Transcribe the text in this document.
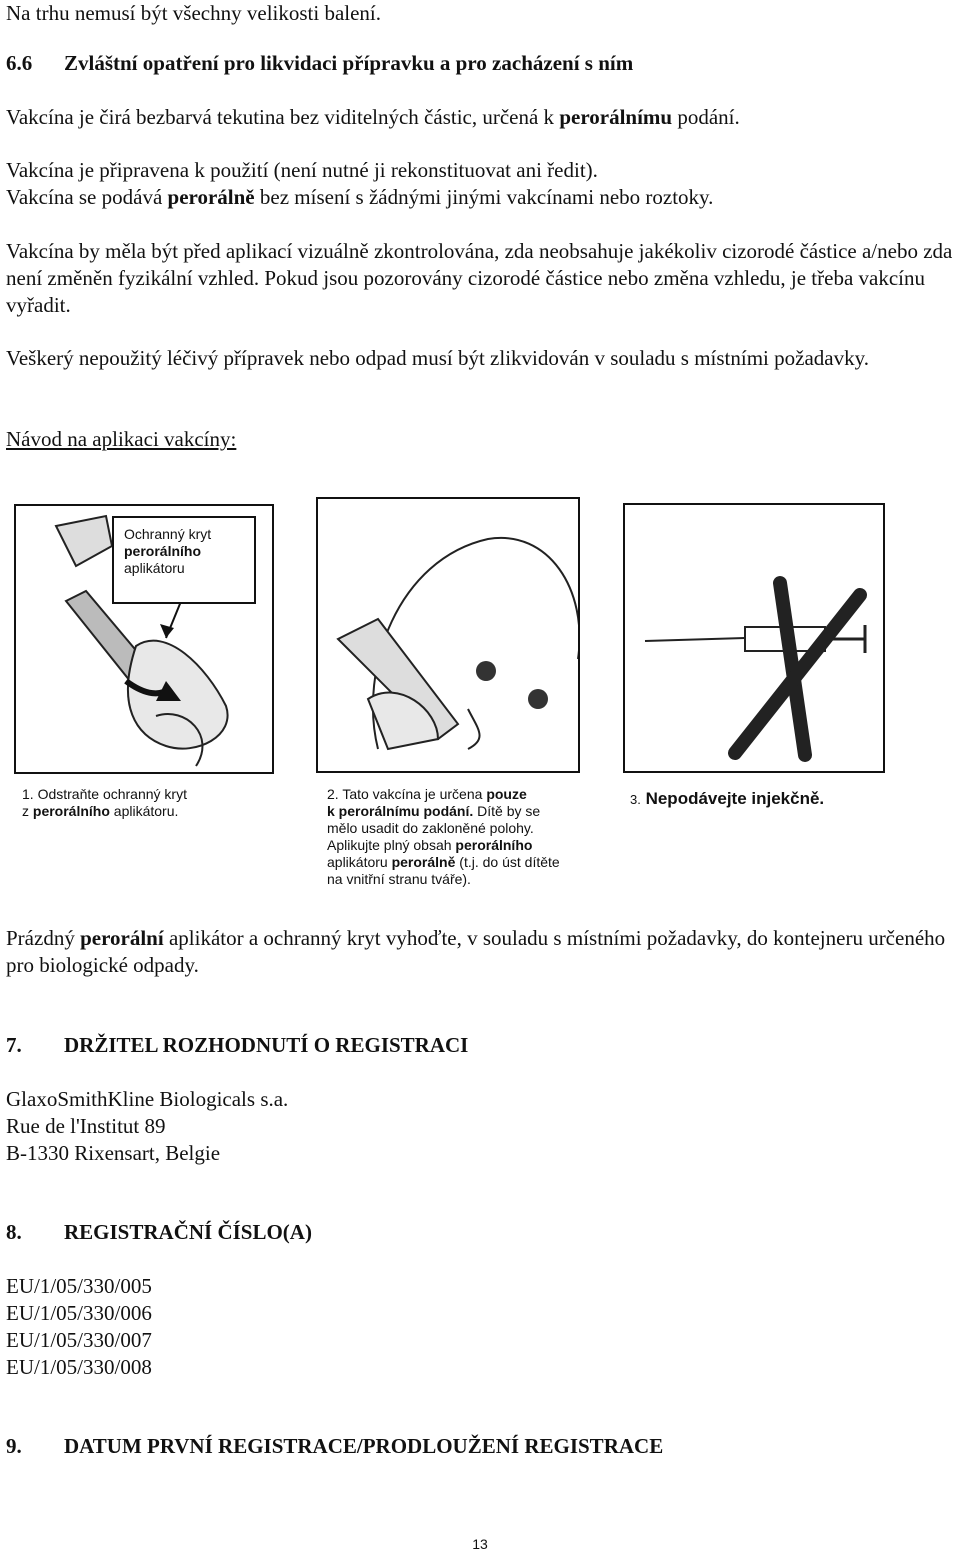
Na trhu nemusí být všechny velikosti balení.

6.6 Zvláštní opatření pro likvidaci přípravku a pro zacházení s ním

Vakcína je čirá bezbarvá tekutina bez viditelných částic, určená k perorálnímu podání.

Vakcína je připravena k použití (není nutné ji rekonstituovat ani ředit).
Vakcína se podává perorálně bez mísení s žádnými jinými vakcínami nebo roztoky.

Vakcína by měla být před aplikací vizuálně zkontrolována, zda neobsahuje jakékoliv cizorodé částice a/nebo zda není změněn fyzikální vzhled. Pokud jsou pozorovány cizorodé částice nebo změna vzhledu, je třeba vakcínu vyřadit.

Veškerý nepoužitý léčivý přípravek nebo odpad musí být zlikvidován v souladu s místními požadavky.

Návod na aplikaci vakcíny:

Ochranný kryt
perorálního
aplikátoru
1. Odstraňte ochranný kryt
z perorálního aplikátoru.
2. Tato vakcína je určena pouze
k perorálnímu podání. Dítě by se
mělo usadit do zakloněné polohy.
Aplikujte plný obsah perorálního
aplikátoru perorálně (t.j. do úst dítěte
na vnitřní stranu tváře).
3. Nepodávejte injekčně.

Prázdný perorální aplikátor a ochranný kryt vyhoďte, v souladu s místními požadavky, do kontejneru určeného pro biologické odpady.

7. DRŽITEL ROZHODNUTÍ O REGISTRACI

GlaxoSmithKline Biologicals s.a.
Rue de l'Institut 89
B-1330 Rixensart, Belgie

8. REGISTRAČNÍ ČÍSLO(A)

EU/1/05/330/005
EU/1/05/330/006
EU/1/05/330/007
EU/1/05/330/008

9. DATUM PRVNÍ REGISTRACE/PRODLOUŽENÍ REGISTRACE

13
